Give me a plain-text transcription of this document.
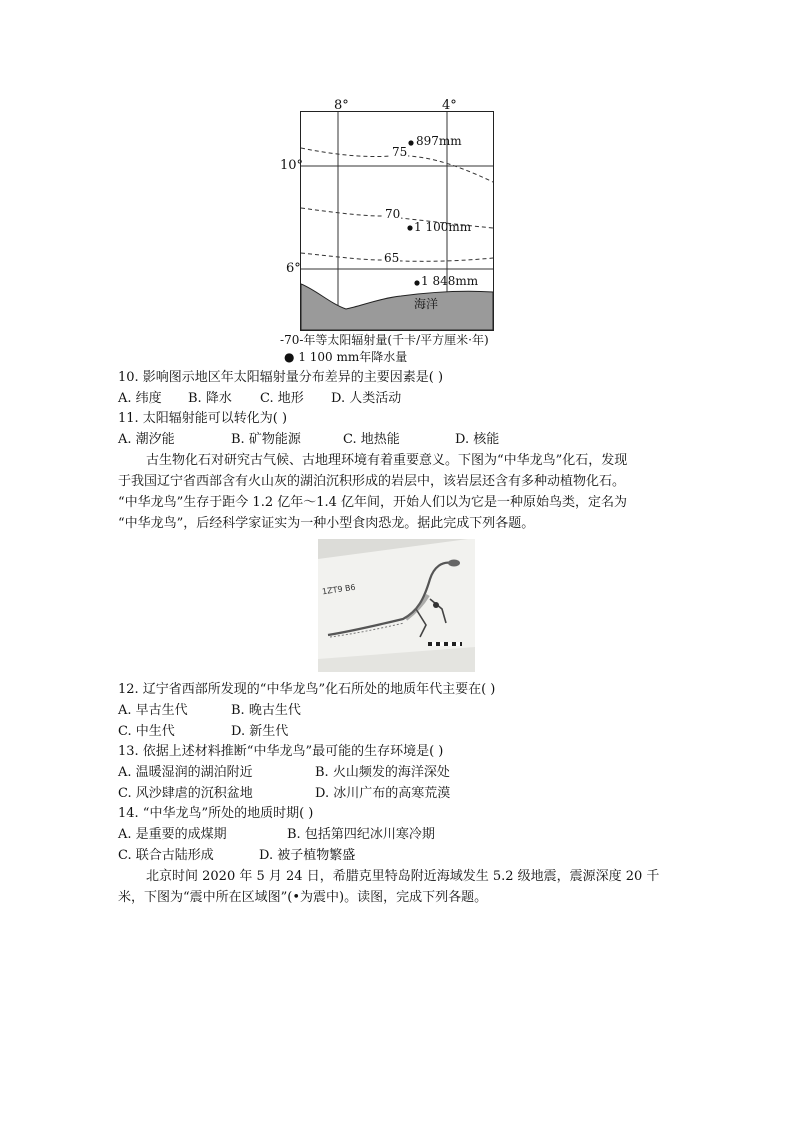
8°	4°
10°
6°
897mm
75
70
1 100mm
65
1 848mm
海洋
-70-年等太阳辐射量(千卡/平方厘米·年)
● 1 100 mm年降水量
10. 影响图示地区年太阳辐射量分布差异的主要因素是( )
A. 纬度 B. 降水 C. 地形 D. 人类活动
11. 太阳辐射能可以转化为( )
A. 潮汐能	B. 矿物能源	C. 地热能	D. 核能
古生物化石对研究古气候、古地理环境有着重要意义。下图为“中华龙鸟”化石，发现
于我国辽宁省西部含有火山灰的湖泊沉积形成的岩层中，该岩层还含有多种动植物化石。
“中华龙鸟”生存于距今 1.2 亿年～1.4 亿年间，开始人们以为它是一种原始鸟类，定名为
“中华龙鸟”，后经科学家证实为一种小型食肉恐龙。据此完成下列各题。
1ZT9 B6
12. 辽宁省西部所发现的“中华龙鸟”化石所处的地质年代主要在( )
A. 早古生代	B. 晚古生代
C. 中生代	D. 新生代
13. 依据上述材料推断“中华龙鸟”最可能的生存环境是( )
A. 温暖湿润的湖泊附近	B. 火山频发的海洋深处
C. 风沙肆虐的沉积盆地	D. 冰川广布的高寒荒漠
14. “中华龙鸟”所处的地质时期( )
A. 是重要的成煤期	B. 包括第四纪冰川寒冷期
C. 联合古陆形成	D. 被子植物繁盛
北京时间 2020 年 5 月 24 日，希腊克里特岛附近海域发生 5.2 级地震，震源深度 20 千
米，下图为“震中所在区域图”(•为震中)。读图，完成下列各题。
